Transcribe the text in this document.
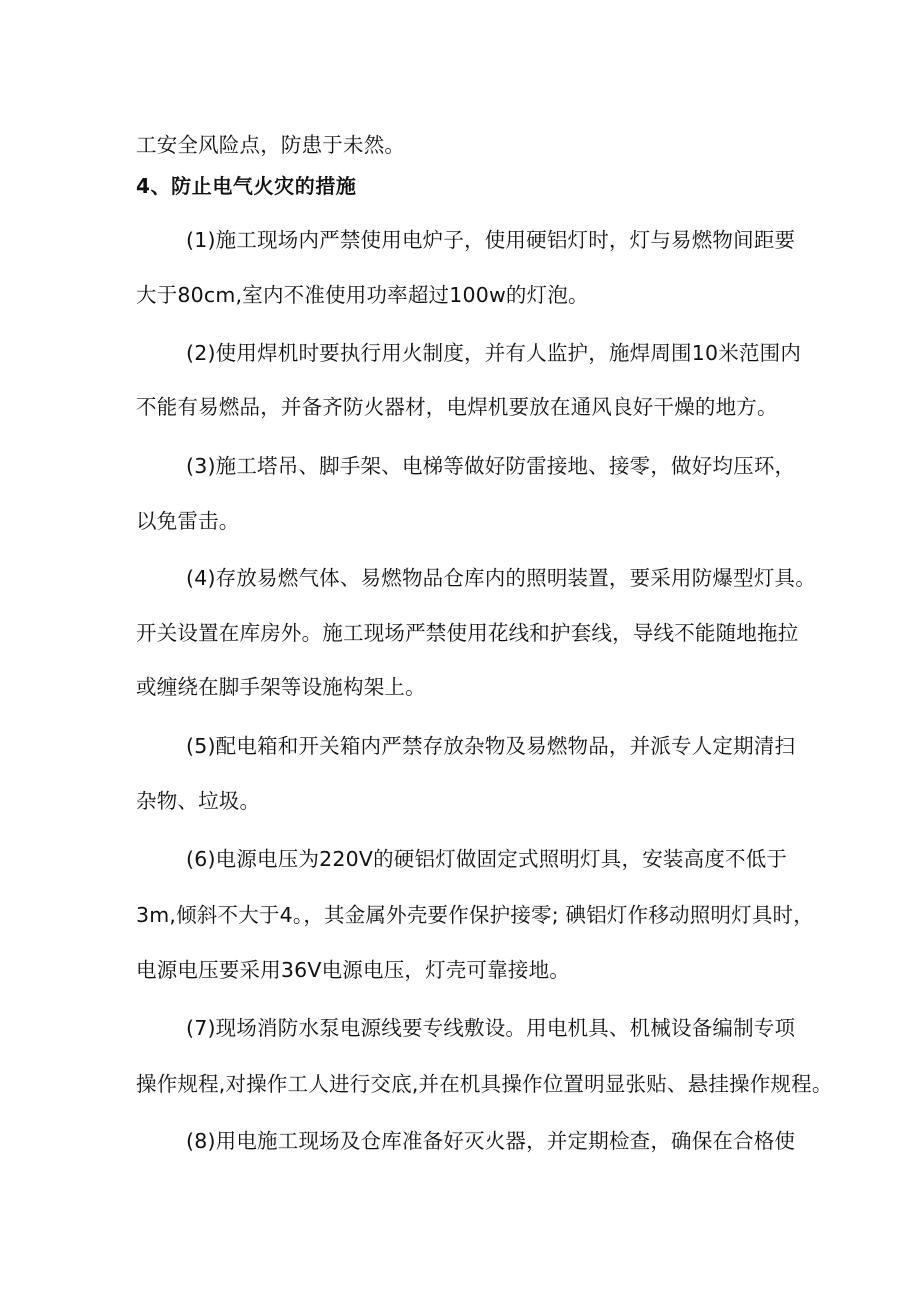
工安全风险点，防患于未然。
4、防止电气火灾的措施
(1)施工现场内严禁使用电炉子，使用硬铝灯时，灯与易燃物间距要
大于80cm,室内不准使用功率超过100w的灯泡。
(2)使用焊机时要执行用火制度，并有人监护，施焊周围10米范围内
不能有易燃品，并备齐防火器材，电焊机要放在通风良好干燥的地方。
(3)施工塔吊、脚手架、电梯等做好防雷接地、接零，做好均压环，
以免雷击。
(4)存放易燃气体、易燃物品仓库内的照明装置，要采用防爆型灯具。
开关设置在库房外。施工现场严禁使用花线和护套线，导线不能随地拖拉
或缠绕在脚手架等设施构架上。
(5)配电箱和开关箱内严禁存放杂物及易燃物品，并派专人定期清扫
杂物、垃圾。
(6)电源电压为220V的硬铝灯做固定式照明灯具，安装高度不低于
3m,倾斜不大于4。，其金属外壳要作保护接零; 碘铝灯作移动照明灯具时，
电源电压要采用36V电源电压，灯壳可靠接地。
(7)现场消防水泵电源线要专线敷设。用电机具、机械设备编制专项
操作规程,对操作工人进行交底,并在机具操作位置明显张贴、悬挂操作规程。
(8)用电施工现场及仓库准备好灭火器，并定期检查，确保在合格使
